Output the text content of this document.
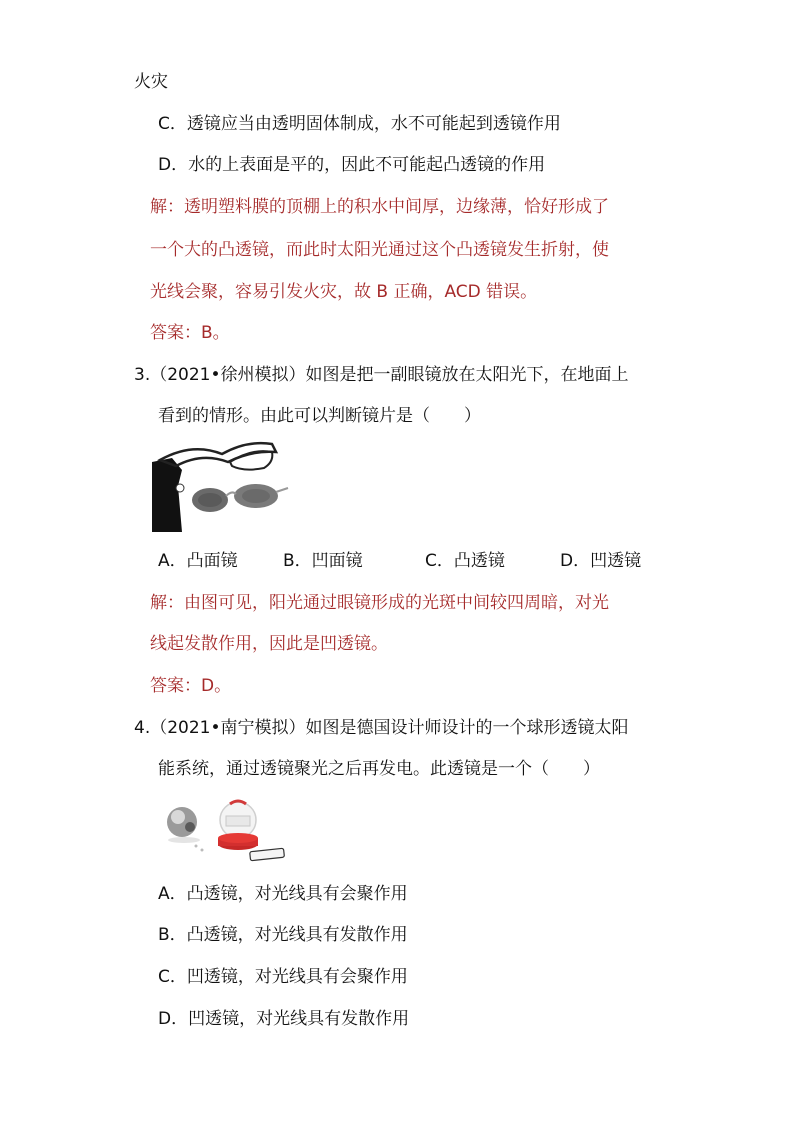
火灾
C．透镜应当由透明固体制成，水不可能起到透镜作用
D．水的上表面是平的，因此不可能起凸透镜的作用
解：透明塑料膜的顶棚上的积水中间厚，边缘薄，恰好形成了
一个大的凸透镜，而此时太阳光通过这个凸透镜发生折射，使
光线会聚，容易引发火灾，故 B 正确，ACD 错误。
答案：B。
3.（2021•徐州模拟）如图是把一副眼镜放在太阳光下，在地面上
看到的情形。由此可以判断镜片是（　　）
A．凸面镜	B．凹面镜	C．凸透镜	D．凹透镜
解：由图可见，阳光通过眼镜形成的光斑中间较四周暗，对光
线起发散作用，因此是凹透镜。
答案：D。
4.（2021•南宁模拟）如图是德国设计师设计的一个球形透镜太阳
能系统，通过透镜聚光之后再发电。此透镜是一个（　　）
A．凸透镜，对光线具有会聚作用
B．凸透镜，对光线具有发散作用
C．凹透镜，对光线具有会聚作用
D．凹透镜，对光线具有发散作用
